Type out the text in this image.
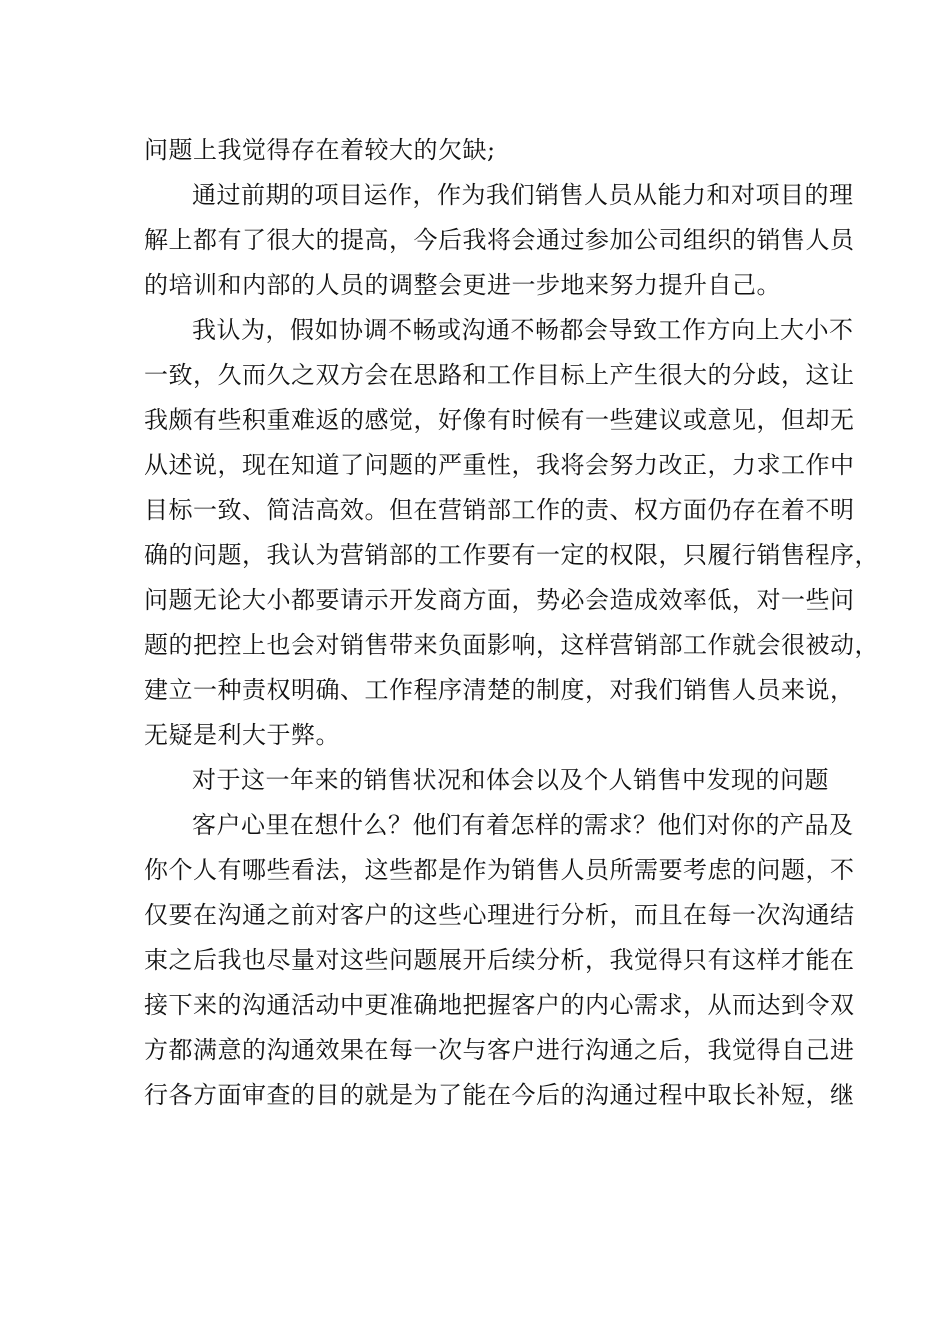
问题上我觉得存在着较大的欠缺;
通过前期的项目运作，作为我们销售人员从能力和对项目的理
解上都有了很大的提高，今后我将会通过参加公司组织的销售人员
的培训和内部的人员的调整会更进一步地来努力提升自己。
我认为，假如协调不畅或沟通不畅都会导致工作方向上大小不
一致，久而久之双方会在思路和工作目标上产生很大的分歧，这让
我颇有些积重难返的感觉，好像有时候有一些建议或意见，但却无
从述说，现在知道了问题的严重性，我将会努力改正，力求工作中
目标一致、简洁高效。但在营销部工作的责、权方面仍存在着不明
确的问题，我认为营销部的工作要有一定的权限，只履行销售程序，
问题无论大小都要请示开发商方面，势必会造成效率低，对一些问
题的把控上也会对销售带来负面影响，这样营销部工作就会很被动，
建立一种责权明确、工作程序清楚的制度，对我们销售人员来说，
无疑是利大于弊。
对于这一年来的销售状况和体会以及个人销售中发现的问题
客户心里在想什么？他们有着怎样的需求？他们对你的产品及
你个人有哪些看法，这些都是作为销售人员所需要考虑的问题，不
仅要在沟通之前对客户的这些心理进行分析，而且在每一次沟通结
束之后我也尽量对这些问题展开后续分析，我觉得只有这样才能在
接下来的沟通活动中更准确地把握客户的内心需求，从而达到令双
方都满意的沟通效果在每一次与客户进行沟通之后，我觉得自己进
行各方面审查的目的就是为了能在今后的沟通过程中取长补短，继
